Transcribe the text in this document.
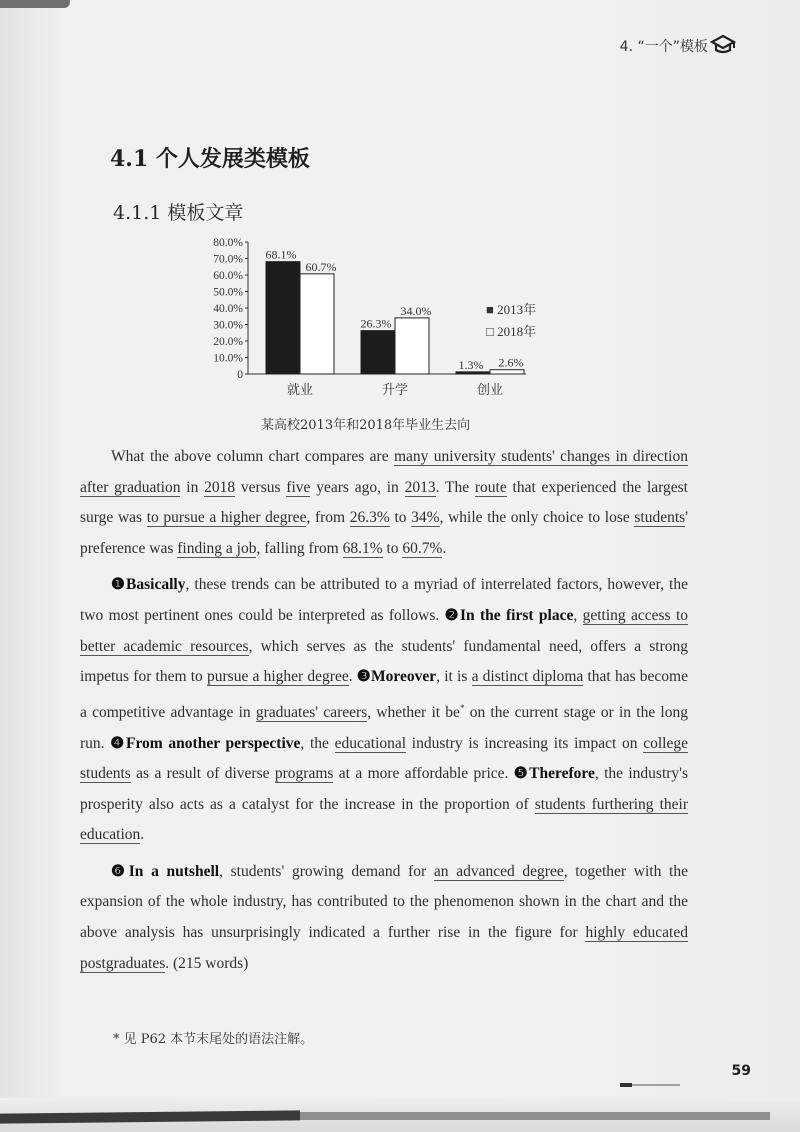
4. “一个”模板
4.1 个人发展类模板
4.1.1 模板文章
80.0%
70.0%
60.0%
50.0%
40.0%
30.0%
20.0%
10.0%
0
68.1%
60.7%
就业
26.3%
34.0%
升学
1.3% 2.6%
创业
■ 2013年
□ 2018年
某高校2013年和2018年毕业生去向

What the above column chart compares are many university students' changes in direction after graduation in 2018 versus five years ago, in 2013. The route that experienced the largest surge was to pursue a higher degree, from 26.3% to 34%, while the only choice to lose students' preference was finding a job, falling from 68.1% to 60.7%.

❶Basically, these trends can be attributed to a myriad of interrelated factors, however, the two most pertinent ones could be interpreted as follows. ❷In the first place, getting access to better academic resources, which serves as the students' fundamental need, offers a strong impetus for them to pursue a higher degree. ❸Moreover, it is a distinct diploma that has become a competitive advantage in graduates' careers, whether it be* on the current stage or in the long run. ❹From another perspective, the educational industry is increasing its impact on college students as a result of diverse programs at a more affordable price. ❺Therefore, the industry's prosperity also acts as a catalyst for the increase in the proportion of students furthering their education.

❻In a nutshell, students' growing demand for an advanced degree, together with the expansion of the whole industry, has contributed to the phenomenon shown in the chart and the above analysis has unsurprisingly indicated a further rise in the figure for highly educated postgraduates. (215 words)

* 见 P62 本节末尾处的语法注解。
59
